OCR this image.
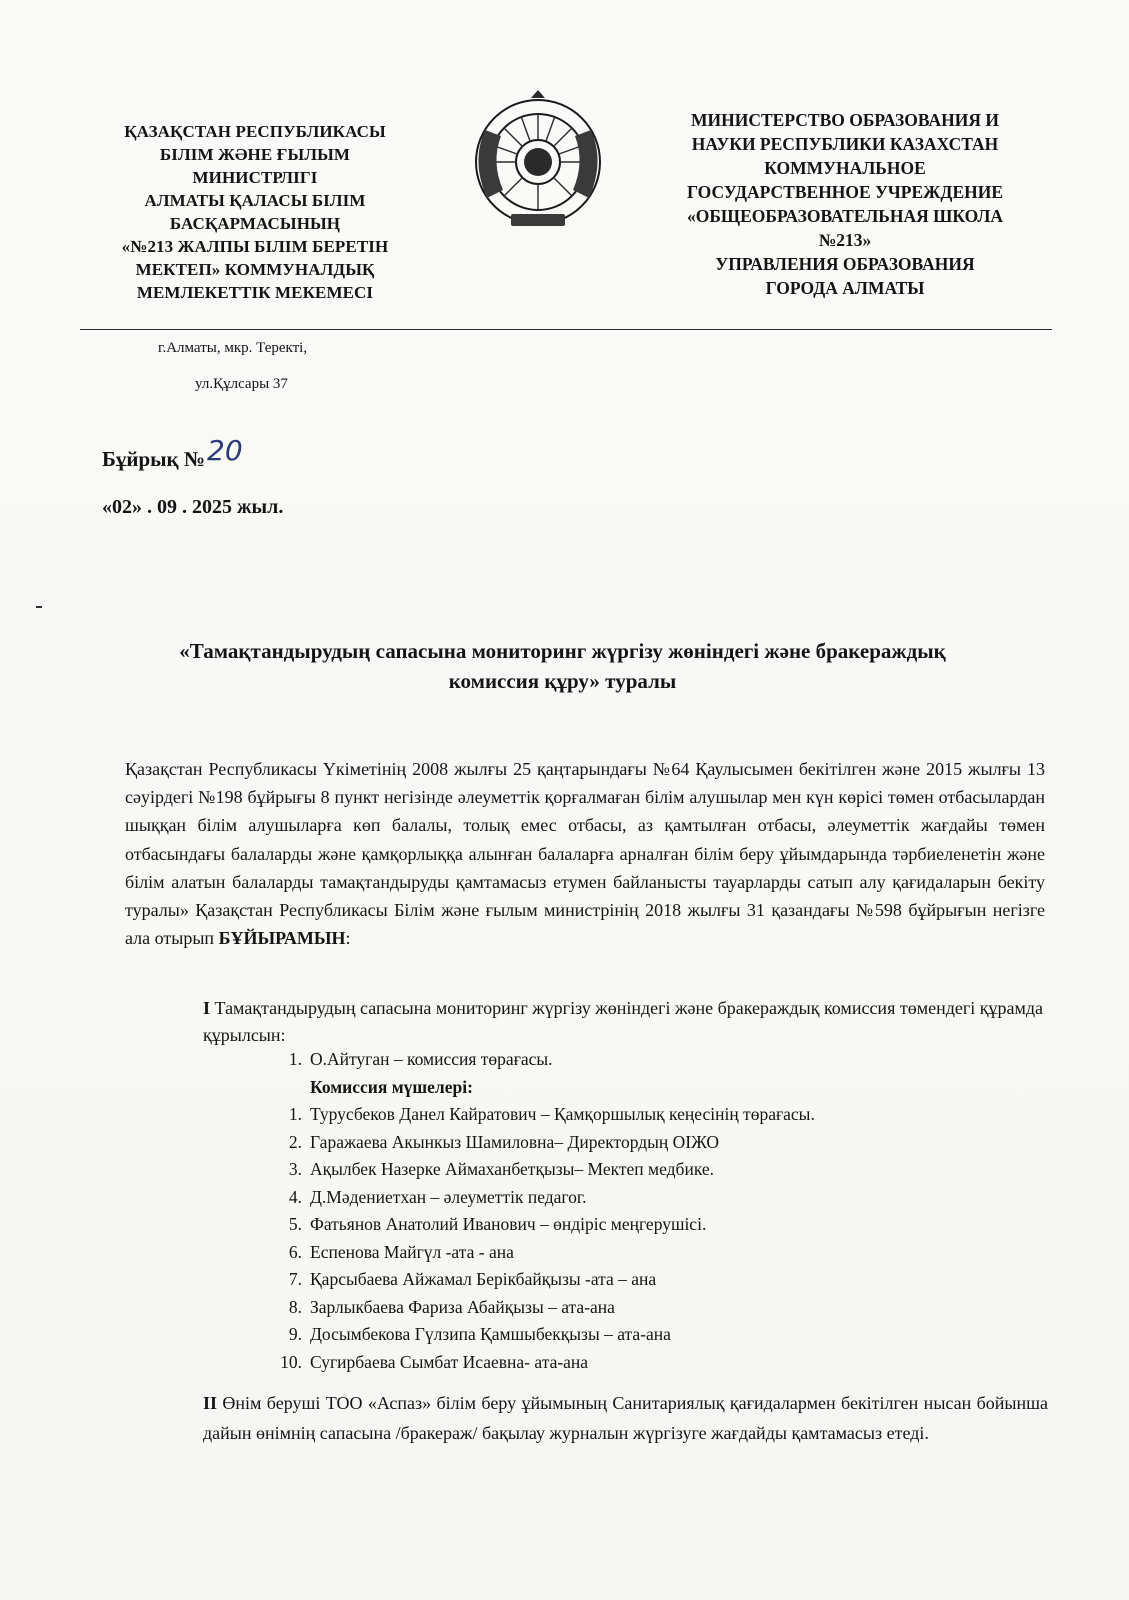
ҚАЗАҚСТАН РЕСПУБЛИКАСЫ
БІЛІМ ЖӘНЕ ҒЫЛЫМ
МИНИСТРЛІГІ
АЛМАТЫ ҚАЛАСЫ БІЛІМ
БАСҚАРМАСЫНЫҢ
«№213 ЖАЛПЫ БІЛІМ БЕРЕТІН
МЕКТЕП» КОММУНАЛДЫҚ
МЕМЛЕКЕТТІК МЕКЕМЕСІ
МИНИСТЕРСТВО ОБРАЗОВАНИЯ И
НАУКИ РЕСПУБЛИКИ КАЗАХСТАН
КОММУНАЛЬНОЕ
ГОСУДАРСТВЕННОЕ УЧРЕЖДЕНИЕ
«ОБЩЕОБРАЗОВАТЕЛЬНАЯ ШКОЛА
№213»
УПРАВЛЕНИЯ ОБРАЗОВАНИЯ
ГОРОДА АЛМАТЫ
г.Алматы, мкр. Теректі,
ул.Құлсары 37
Бұйрық №20
«02» . 09 . 2025 жыл.
«Тамақтандырудың сапасына мониторинг жүргізу жөніндегі және бракераждық
комиссия құру» туралы
Қазақстан Республикасы Үкіметінің 2008 жылғы 25 қаңтарындағы №64 Қаулысымен бекітілген және 2015 жылғы 13 сәуірдегі №198 бұйрығы 8 пункт негізінде әлеуметтік қорғалмаған білім алушылар мен күн көрісі төмен отбасылардан шыққан білім алушыларға көп балалы, толық емес отбасы, аз қамтылған отбасы, әлеуметтік жағдайы төмен отбасындағы балаларды және қамқорлыққа алынған балаларға арналған білім беру ұйымдарында тәрбиеленетін және білім алатын балаларды тамақтандыруды қамтамасыз етумен байланысты тауарларды сатып алу қағидаларын бекіту туралы» Қазақстан Республикасы Білім және ғылым министрінің 2018 жылғы 31 қазандағы №598 бұйрығын негізге ала отырып БҰЙЫРАМЫН:
I Тамақтандырудың сапасына мониторинг жүргізу жөніндегі және бракераждық комиссия төмендегі құрамда құрылсын:
1. О.Айтуган – комиссия төрағасы.
Комиссия мүшелері:
1. Турусбеков Данел Кайратович – Қамқоршылық кеңесінің төрағасы.
2. Гаражаева Акынкыз Шамиловна– Директордың ОІЖО
3. Ақылбек Назерке Аймаханбетқызы– Мектеп медбике.
4. Д.Мәдениетхан – әлеуметтік педагог.
5. Фатьянов Анатолий Иванович – өндіріс меңгерушісі.
6. Еспенова Майгүл -ата - ана
7. Қарсыбаева Айжамал Берікбайқызы -ата – ана
8. Зарлыкбаева Фариза Абайқызы – ата-ана
9. Досымбекова Гүлзипа Қамшыбекқызы – ата-ана
10. Сугирбаева Сымбат Исаевна- ата-ана
II Өнім беруші ТОО «Аспаз» білім беру ұйымының Санитариялық қағидалармен бекітілген нысан бойынша дайын өнімнің сапасына /бракераж/ бақылау журналын жүргізуге жағдайды қамтамасыз етеді.
